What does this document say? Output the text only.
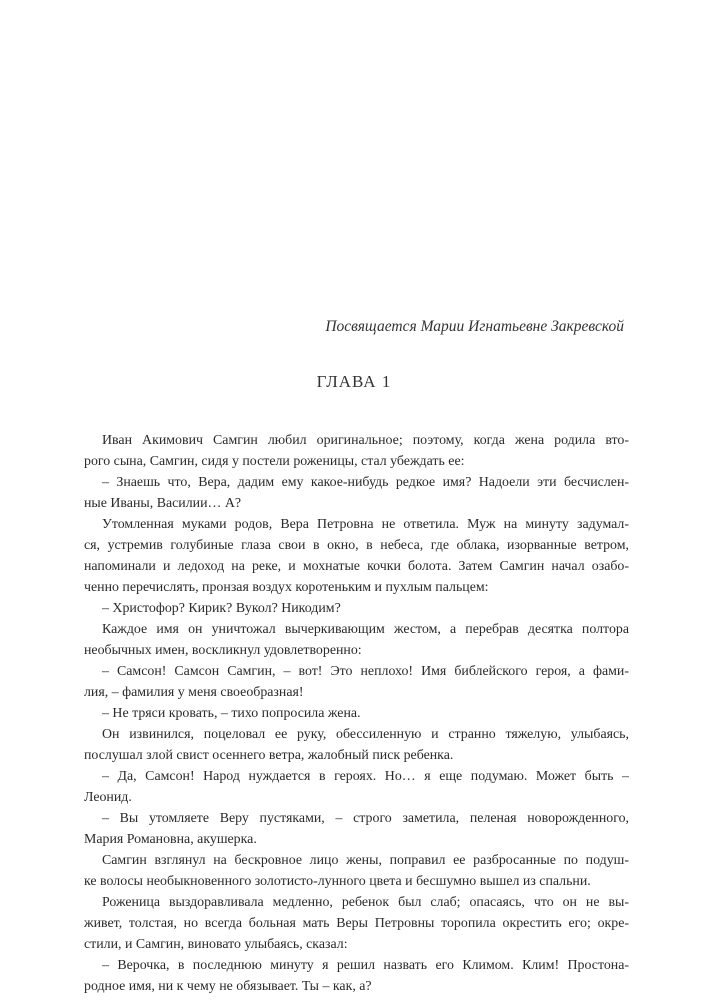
Посвящается Марии Игнатьевне Закревской
ГЛАВА 1
Иван Акимович Самгин любил оригинальное; поэтому, когда жена родила вто-
рого сына, Самгин, сидя у постели роженицы, стал убеждать ее:
– Знаешь что, Вера, дадим ему какое-нибудь редкое имя? Надоели эти бесчислен-
ные Иваны, Василии… А?
Утомленная муками родов, Вера Петровна не ответила. Муж на минуту задумал-
ся, устремив голубиные глаза свои в окно, в небеса, где облака, изорванные ветром,
напоминали и ледоход на реке, и мохнатые кочки болота. Затем Самгин начал озабо-
ченно перечислять, пронзая воздух коротеньким и пухлым пальцем:
– Христофор? Кирик? Вукол? Никодим?
Каждое имя он уничтожал вычеркивающим жестом, а перебрав десятка полтора
необычных имен, воскликнул удовлетворенно:
– Самсон! Самсон Самгин, – вот! Это неплохо! Имя библейского героя, а фами-
лия, – фамилия у меня своеобразная!
– Не тряси кровать, – тихо попросила жена.
Он извинился, поцеловал ее руку, обессиленную и странно тяжелую, улыбаясь,
послушал злой свист осеннего ветра, жалобный писк ребенка.
– Да, Самсон! Народ нуждается в героях. Но… я еще подумаю. Может быть –
Леонид.
– Вы утомляете Веру пустяками, – строго заметила, пеленая новорожденного,
Мария Романовна, акушерка.
Самгин взглянул на бескровное лицо жены, поправил ее разбросанные по подуш-
ке волосы необыкновенного золотисто-лунного цвета и бесшумно вышел из спальни.
Роженица выздоравливала медленно, ребенок был слаб; опасаясь, что он не вы-
живет, толстая, но всегда больная мать Веры Петровны торопила окрестить его; окре-
стили, и Самгин, виновато улыбаясь, сказал:
– Верочка, в последнюю минуту я решил назвать его Климом. Клим! Простона-
родное имя, ни к чему не обязывает. Ты – как, а?
